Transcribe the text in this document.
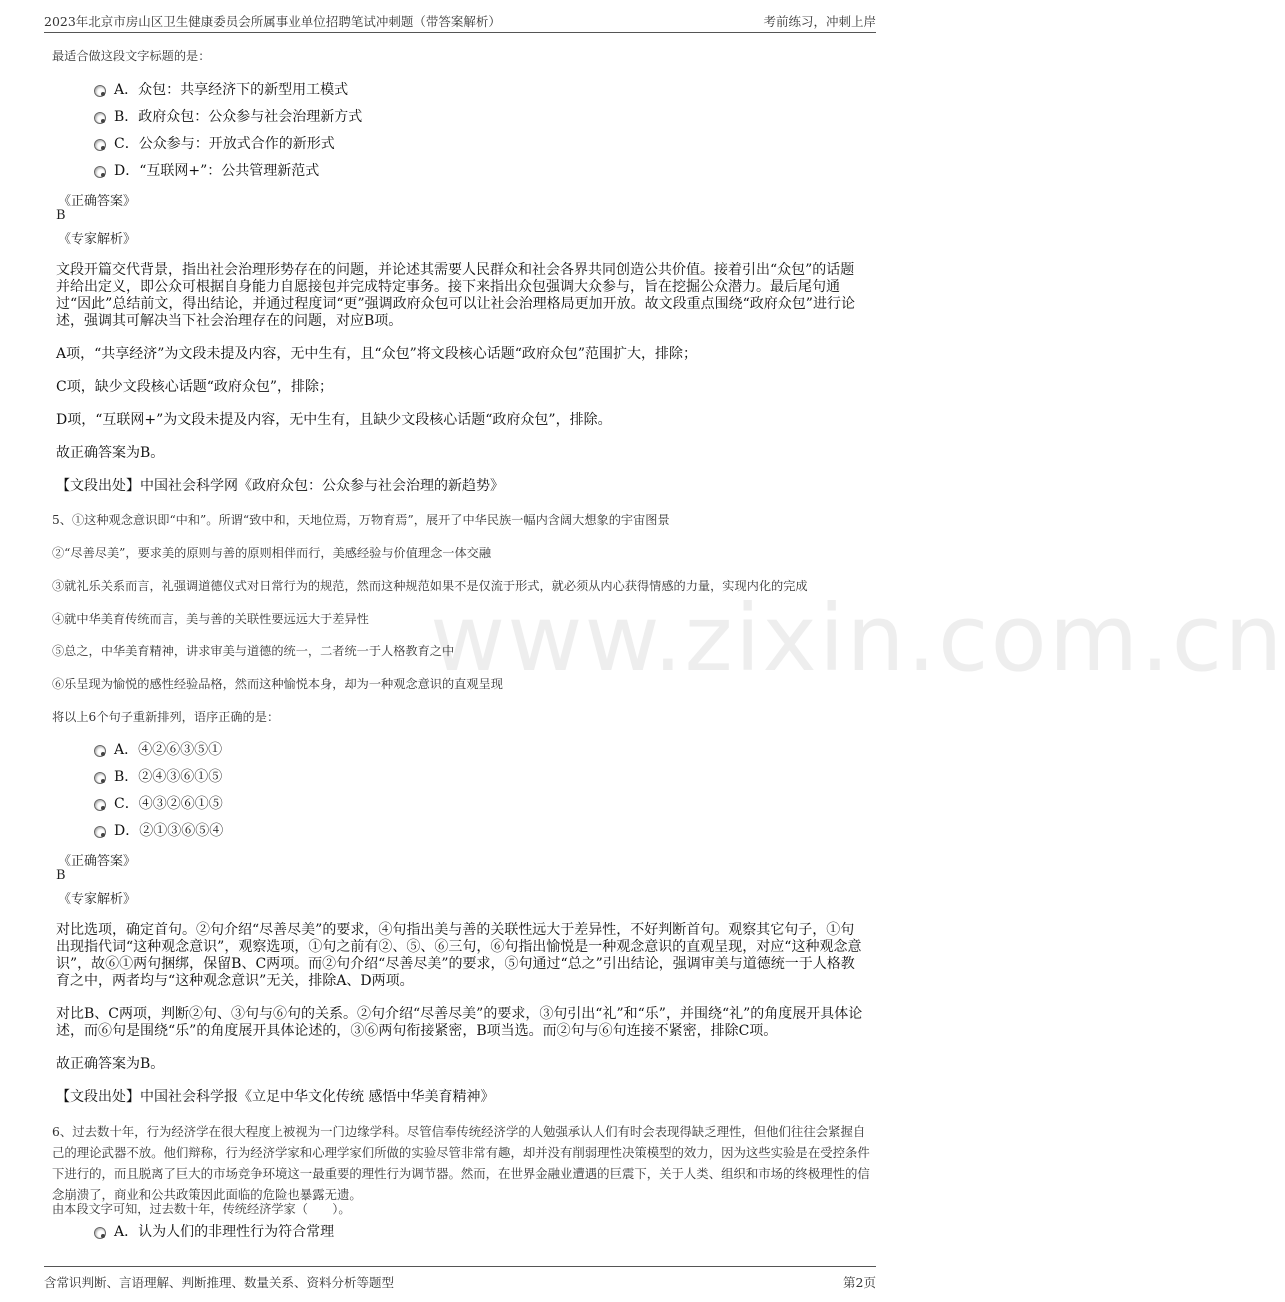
2023年北京市房山区卫生健康委员会所属事业单位招聘笔试冲刺题（带答案解析）	考前练习，冲刺上岸
www.zixin.com.cn
最适合做这段文字标题的是：
A．众包：共享经济下的新型用工模式
B．政府众包：公众参与社会治理新方式
C．公众参与：开放式合作的新形式
D．“互联网+”：公共管理新范式
《正确答案》
B
《专家解析》
文段开篇交代背景，指出社会治理形势存在的问题，并论述其需要人民群众和社会各界共同创造公共价值。接着引出“众包”的话题并给出定义，即公众可根据自身能力自愿接包并完成特定事务。接下来指出众包强调大众参与，旨在挖掘公众潜力。最后尾句通过“因此”总结前文，得出结论，并通过程度词“更”强调政府众包可以让社会治理格局更加开放。故文段重点围绕“政府众包”进行论述，强调其可解决当下社会治理存在的问题，对应B项。
A项，“共享经济”为文段未提及内容，无中生有，且“众包”将文段核心话题“政府众包”范围扩大，排除；
C项，缺少文段核心话题“政府众包”，排除；
D项，“互联网+”为文段未提及内容，无中生有，且缺少文段核心话题“政府众包”，排除。
故正确答案为B。
【文段出处】中国社会科学网《政府众包：公众参与社会治理的新趋势》
5、①这种观念意识即“中和”。所谓“致中和，天地位焉，万物育焉”，展开了中华民族一幅内含阔大想象的宇宙图景
②“尽善尽美”，要求美的原则与善的原则相伴而行，美感经验与价值理念一体交融
③就礼乐关系而言，礼强调道德仪式对日常行为的规范，然而这种规范如果不是仅流于形式，就必须从内心获得情感的力量，实现内化的完成
④就中华美育传统而言，美与善的关联性要远远大于差异性
⑤总之，中华美育精神，讲求审美与道德的统一，二者统一于人格教育之中
⑥乐呈现为愉悦的感性经验品格，然而这种愉悦本身，却为一种观念意识的直观呈现
将以上6个句子重新排列，语序正确的是：
A．④②⑥③⑤①
B．②④③⑥①⑤
C．④③②⑥①⑤
D．②①③⑥⑤④
《正确答案》
B
《专家解析》
对比选项，确定首句。②句介绍“尽善尽美”的要求，④句指出美与善的关联性远大于差异性，不好判断首句。观察其它句子，①句出现指代词“这种观念意识”，观察选项，①句之前有②、⑤、⑥三句，⑥句指出愉悦是一种观念意识的直观呈现，对应“这种观念意识”，故⑥①两句捆绑，保留B、C两项。而②句介绍“尽善尽美”的要求，⑤句通过“总之”引出结论，强调审美与道德统一于人格教育之中，两者均与“这种观念意识”无关，排除A、D两项。
对比B、C两项，判断②句、③句与⑥句的关系。②句介绍“尽善尽美”的要求，③句引出“礼”和“乐”，并围绕“礼”的角度展开具体论述，而⑥句是围绕“乐”的角度展开具体论述的，③⑥两句衔接紧密，B项当选。而②句与⑥句连接不紧密，排除C项。
故正确答案为B。
【文段出处】中国社会科学报《立足中华文化传统 感悟中华美育精神》
6、过去数十年，行为经济学在很大程度上被视为一门边缘学科。尽管信奉传统经济学的人勉强承认人们有时会表现得缺乏理性，但他们往往会紧握自己的理论武器不放。他们辩称，行为经济学家和心理学家们所做的实验尽管非常有趣，却并没有削弱理性决策模型的效力，因为这些实验是在受控条件下进行的，而且脱离了巨大的市场竞争环境这一最重要的理性行为调节器。然而，在世界金融业遭遇的巨震下，关于人类、组织和市场的终极理性的信念崩溃了，商业和公共政策因此面临的危险也暴露无遗。
由本段文字可知，过去数十年，传统经济学家（　　）。
A．认为人们的非理性行为符合常理
含常识判断、言语理解、判断推理、数量关系、资料分析等题型	第2页
